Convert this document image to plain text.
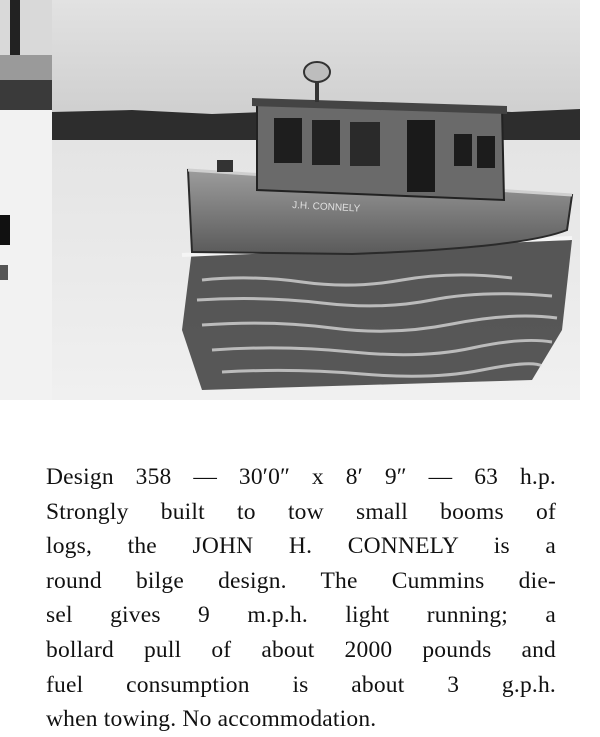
J.H. CONNELY
Design 358 — 30′0″ x 8′ 9″ — 63 h.p.
Strongly built to tow small booms of
logs, the JOHN H. CONNELY is a
round bilge design. The Cummins die-
sel gives 9 m.p.h. light running; a
bollard pull of about 2000 pounds and
fuel consumption is about 3 g.p.h.
when towing. No accommodation.
